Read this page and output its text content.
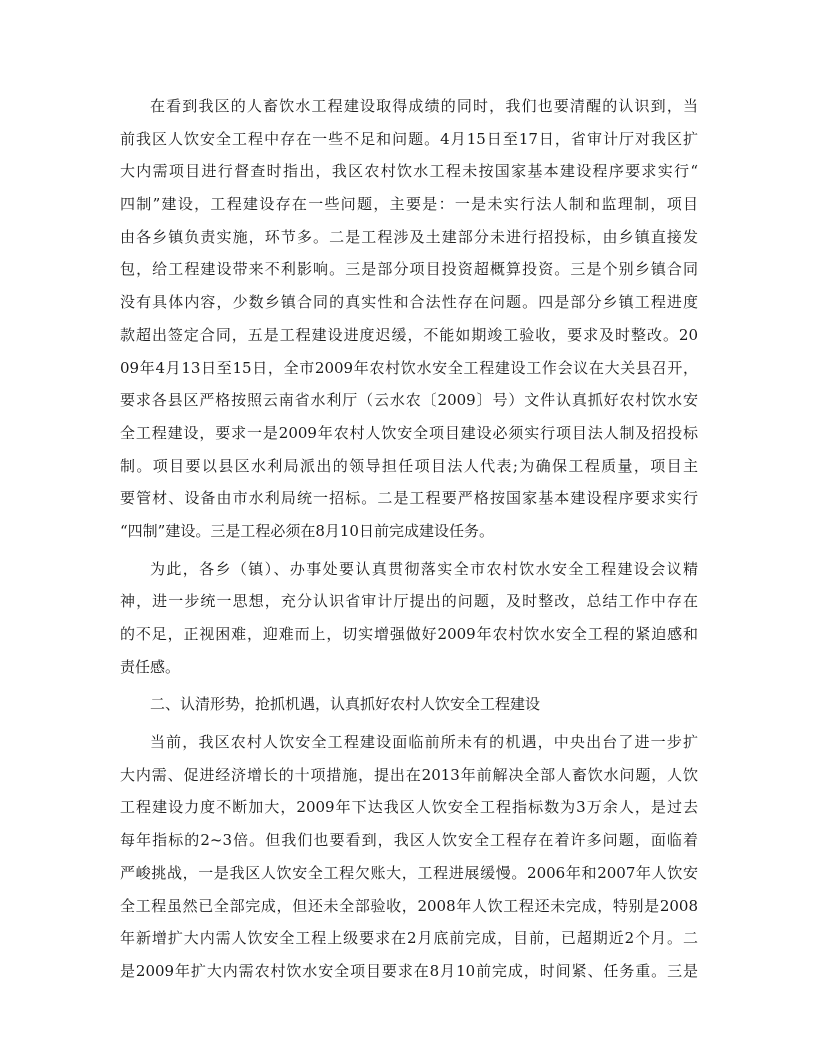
在看到我区的人畜饮水工程建设取得成绩的同时，我们也要清醒的认识到，当
前我区人饮安全工程中存在一些不足和问题。4月15日至17日，省审计厅对我区扩
大内需项目进行督查时指出，我区农村饮水工程未按国家基本建设程序要求实行“
四制”建设，工程建设存在一些问题，主要是：一是未实行法人制和监理制，项目
由各乡镇负责实施，环节多。二是工程涉及土建部分未进行招投标，由乡镇直接发
包，给工程建设带来不利影响。三是部分项目投资超概算投资。三是个别乡镇合同
没有具体内容，少数乡镇合同的真实性和合法性存在问题。四是部分乡镇工程进度
款超出签定合同，五是工程建设进度迟缓，不能如期竣工验收，要求及时整改。20
09年4月13日至15日，全市2009年农村饮水安全工程建设工作会议在大关县召开，
要求各县区严格按照云南省水利厅（云水农〔2009〕号）文件认真抓好农村饮水安
全工程建设，要求一是2009年农村人饮安全项目建设必须实行项目法人制及招投标
制。项目要以县区水利局派出的领导担任项目法人代表;为确保工程质量，项目主
要管材、设备由市水利局统一招标。二是工程要严格按国家基本建设程序要求实行
“四制”建设。三是工程必须在8月10日前完成建设任务。
为此，各乡（镇）、办事处要认真贯彻落实全市农村饮水安全工程建设会议精
神，进一步统一思想，充分认识省审计厅提出的问题，及时整改，总结工作中存在
的不足，正视困难，迎难而上，切实增强做好2009年农村饮水安全工程的紧迫感和
责任感。
二、认清形势，抢抓机遇，认真抓好农村人饮安全工程建设
当前，我区农村人饮安全工程建设面临前所未有的机遇，中央出台了进一步扩
大内需、促进经济增长的十项措施，提出在2013年前解决全部人畜饮水问题，人饮
工程建设力度不断加大，2009年下达我区人饮安全工程指标数为3万余人，是过去
每年指标的2~3倍。但我们也要看到，我区人饮安全工程存在着许多问题，面临着
严峻挑战，一是我区人饮安全工程欠账大，工程进展缓慢。2006年和2007年人饮安
全工程虽然已全部完成，但还未全部验收，2008年人饮工程还未完成，特别是2008
年新增扩大内需人饮安全工程上级要求在2月底前完成，目前，已超期近2个月。二
是2009年扩大内需农村饮水安全项目要求在8月10前完成，时间紧、任务重。三是
